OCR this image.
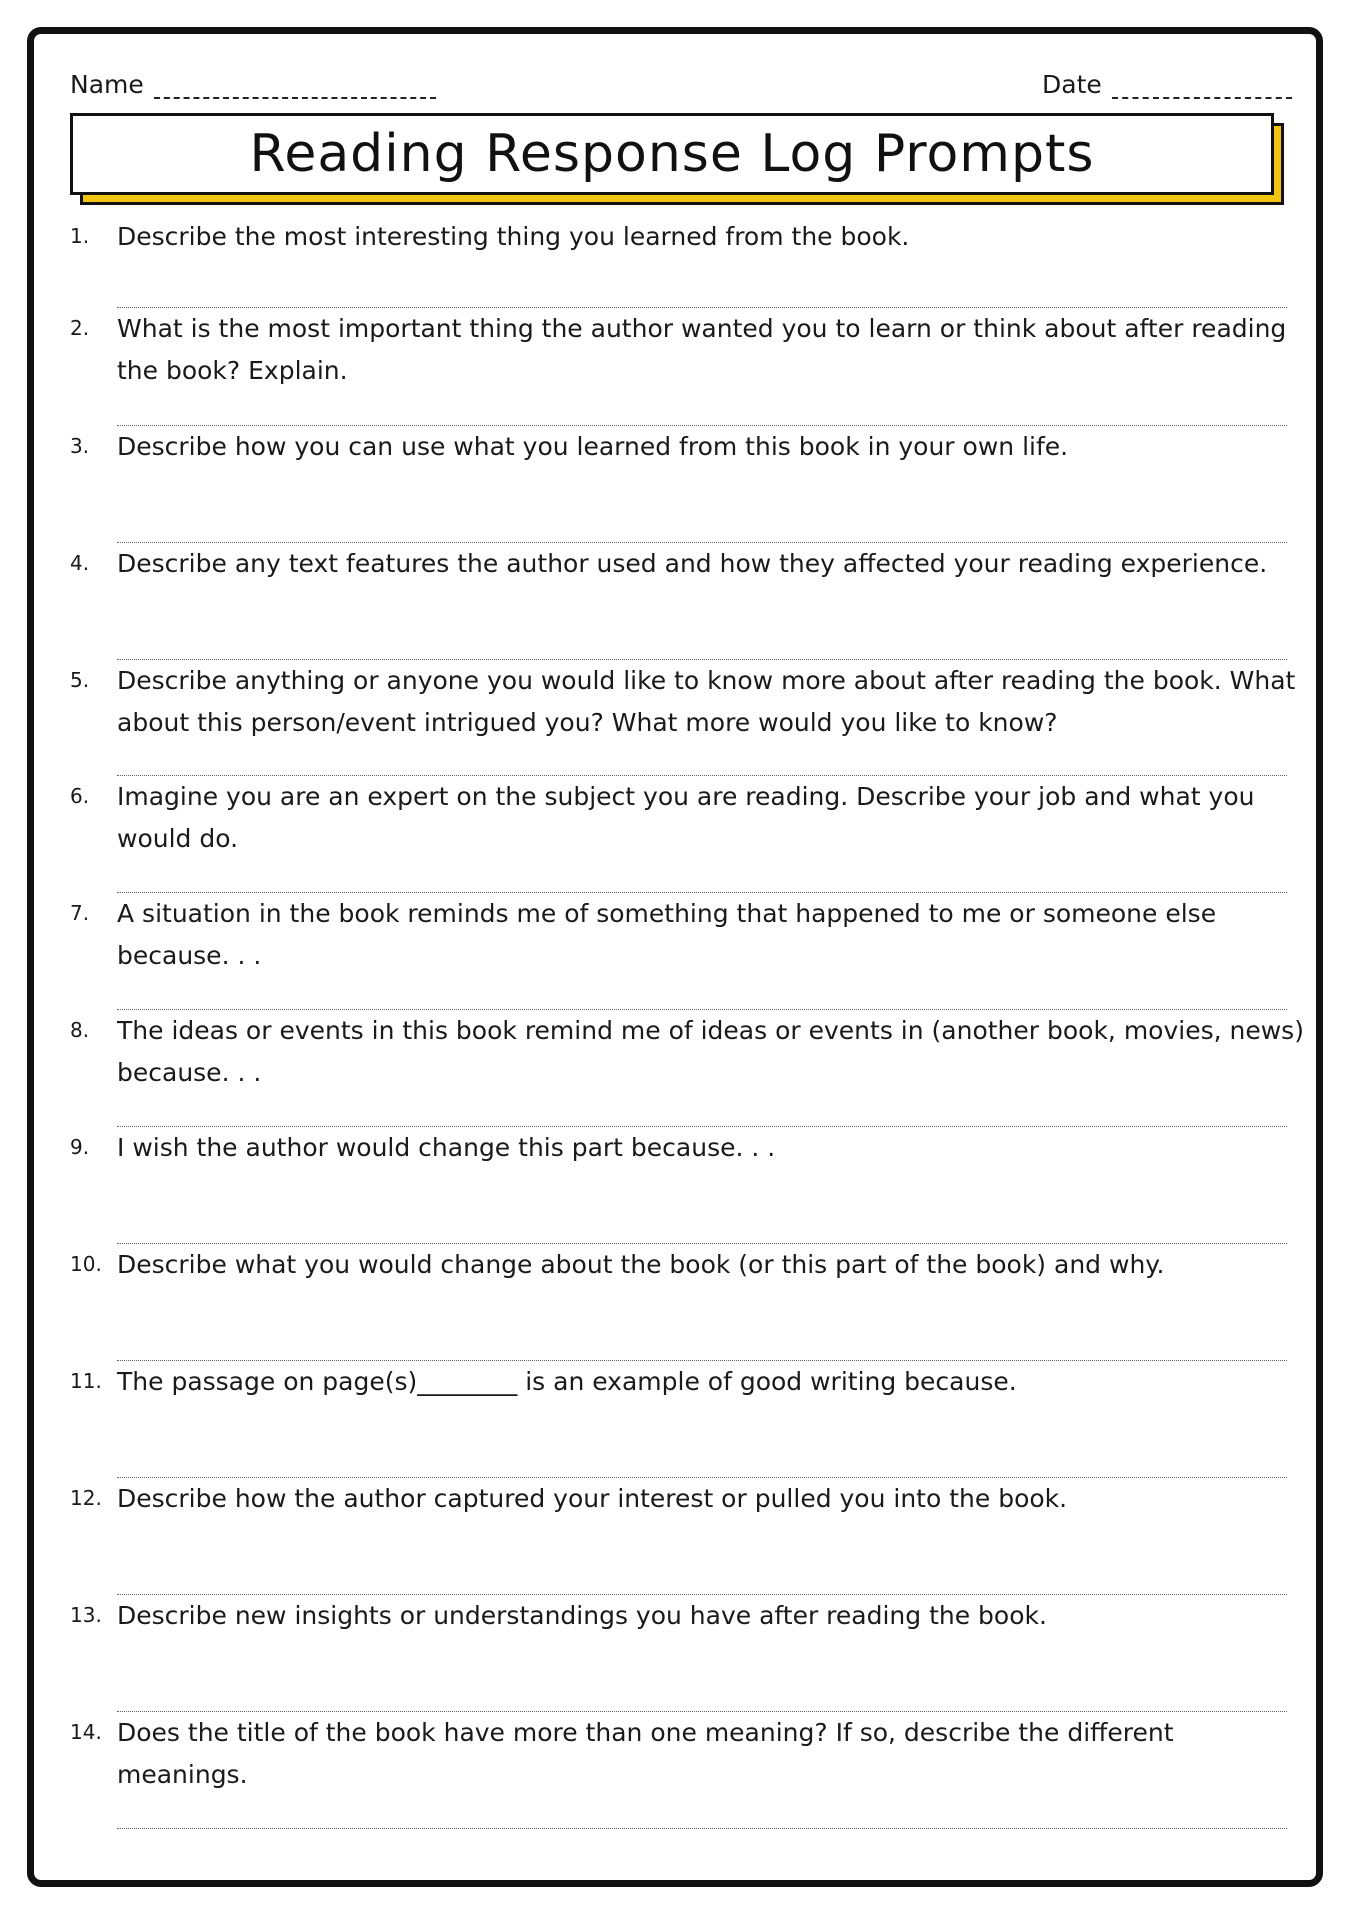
Name	Date
Reading Response Log Prompts
1. Describe the most interesting thing you learned from the book.
2. What is the most important thing the author wanted you to learn or think about after reading the book? Explain.
3. Describe how you can use what you learned from this book in your own life.
4. Describe any text features the author used and how they affected your reading experience.
5. Describe anything or anyone you would like to know more about after reading the book. What about this person/event intrigued you? What more would you like to know?
6. Imagine you are an expert on the subject you are reading. Describe your job and what you would do.
7. A situation in the book reminds me of something that happened to me or someone else because. . .
8. The ideas or events in this book remind me of ideas or events in (another book, movies, news) because. . .
9. I wish the author would change this part because. . .
10. Describe what you would change about the book (or this part of the book) and why.
11. The passage on page(s)________ is an example of good writing because.
12. Describe how the author captured your interest or pulled you into the book.
13. Describe new insights or understandings you have after reading the book.
14. Does the title of the book have more than one meaning? If so, describe the different meanings.
